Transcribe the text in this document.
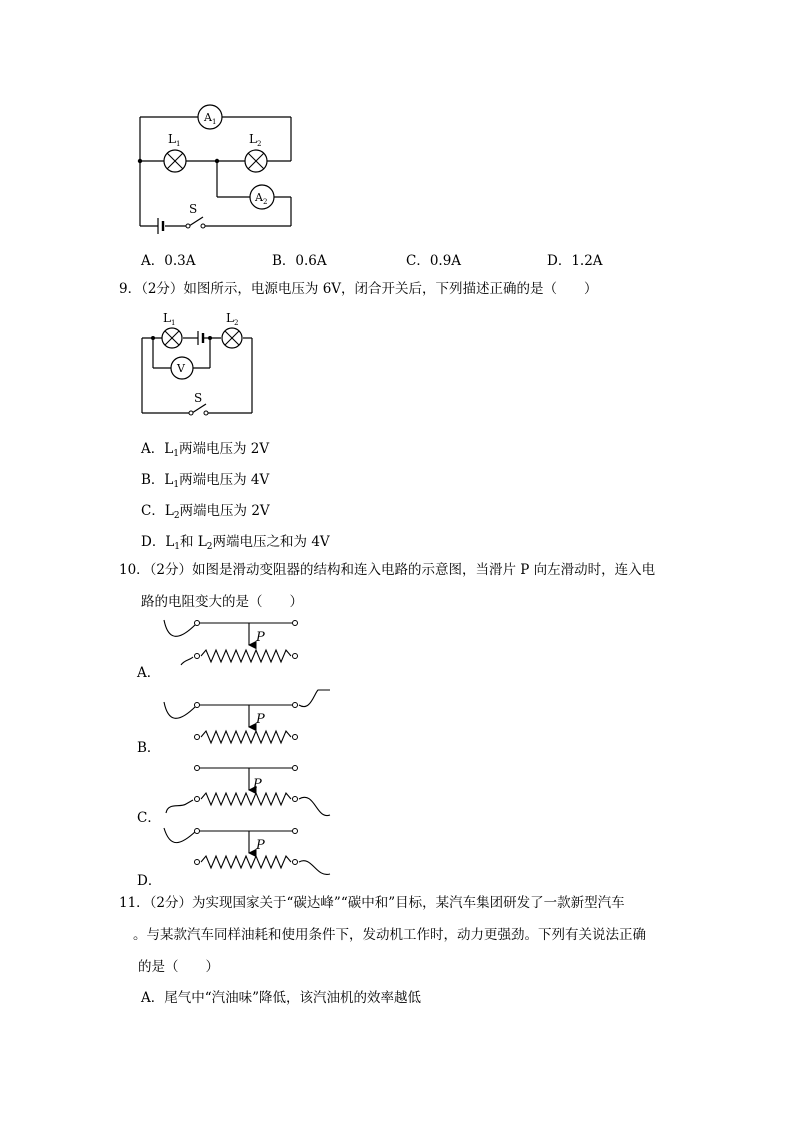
A 1
L 1	L 2
A 2
S
A．0.3A	B．0.6A	C．0.9A	D．1.2A
9．（2分）如图所示，电源电压为 6V，闭合开关后，下列描述正确的是（　　）
L 1	L 2
V
S
A．$L_1$两端电压为 2V
B．$L_1$两端电压为 4V
C．$L_2$两端电压为 2V
D．$L_1$和 $L_2$两端电压之和为 4V
10．（2分）如图是滑动变阻器的结构和连入电路的示意图，当滑片 P 向左滑动时，连入电
路的电阻变大的是（　　）
P
P
P
P
A．
B．
C．
D．
11．（2分）为实现国家关于“碳达峰”“碳中和”目标，某汽车集团研发了一款新型汽车
。与某款汽车同样油耗和使用条件下，发动机工作时，动力更强劲。下列有关说法正确
的是（　　）
A．尾气中“汽油味”降低，该汽油机的效率越低
